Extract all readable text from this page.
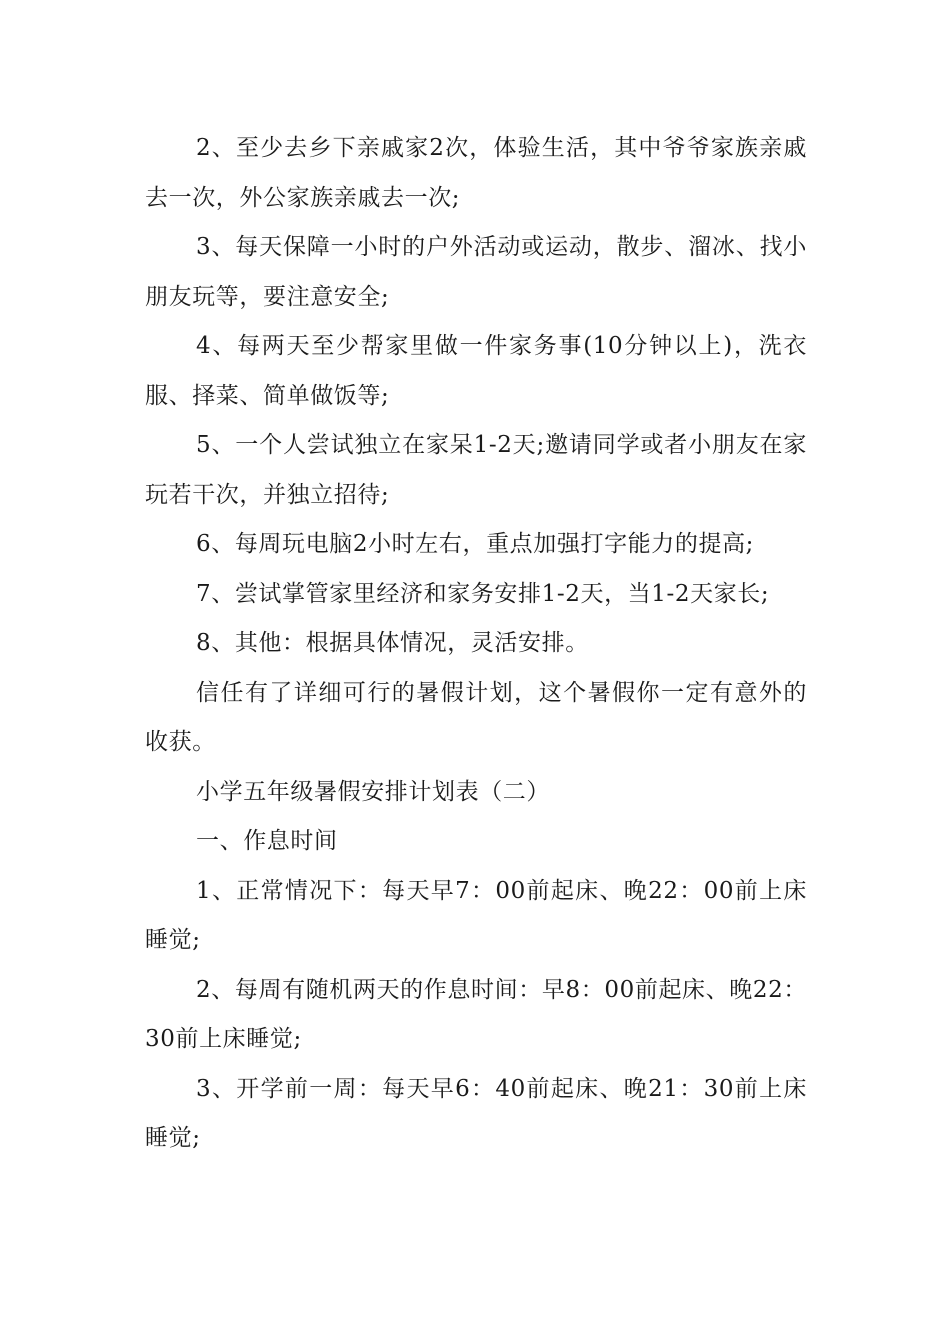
2、至少去乡下亲戚家2次，体验生活，其中爷爷家族亲戚去一次，外公家族亲戚去一次;

3、每天保障一小时的户外活动或运动，散步、溜冰、找小朋友玩等，要注意安全;

4、每两天至少帮家里做一件家务事(10分钟以上)，洗衣服、择菜、简单做饭等;

5、一个人尝试独立在家呆1-2天;邀请同学或者小朋友在家玩若干次，并独立招待;

6、每周玩电脑2小时左右，重点加强打字能力的提高;

7、尝试掌管家里经济和家务安排1-2天，当1-2天家长;

8、其他：根据具体情况，灵活安排。

信任有了详细可行的暑假计划，这个暑假你一定有意外的收获。

小学五年级暑假安排计划表（二）

一、作息时间

1、正常情况下：每天早7：00前起床、晚22：00前上床睡觉;

2、每周有随机两天的作息时间：早8：00前起床、晚22：30前上床睡觉;

3、开学前一周：每天早6：40前起床、晚21：30前上床睡觉;
